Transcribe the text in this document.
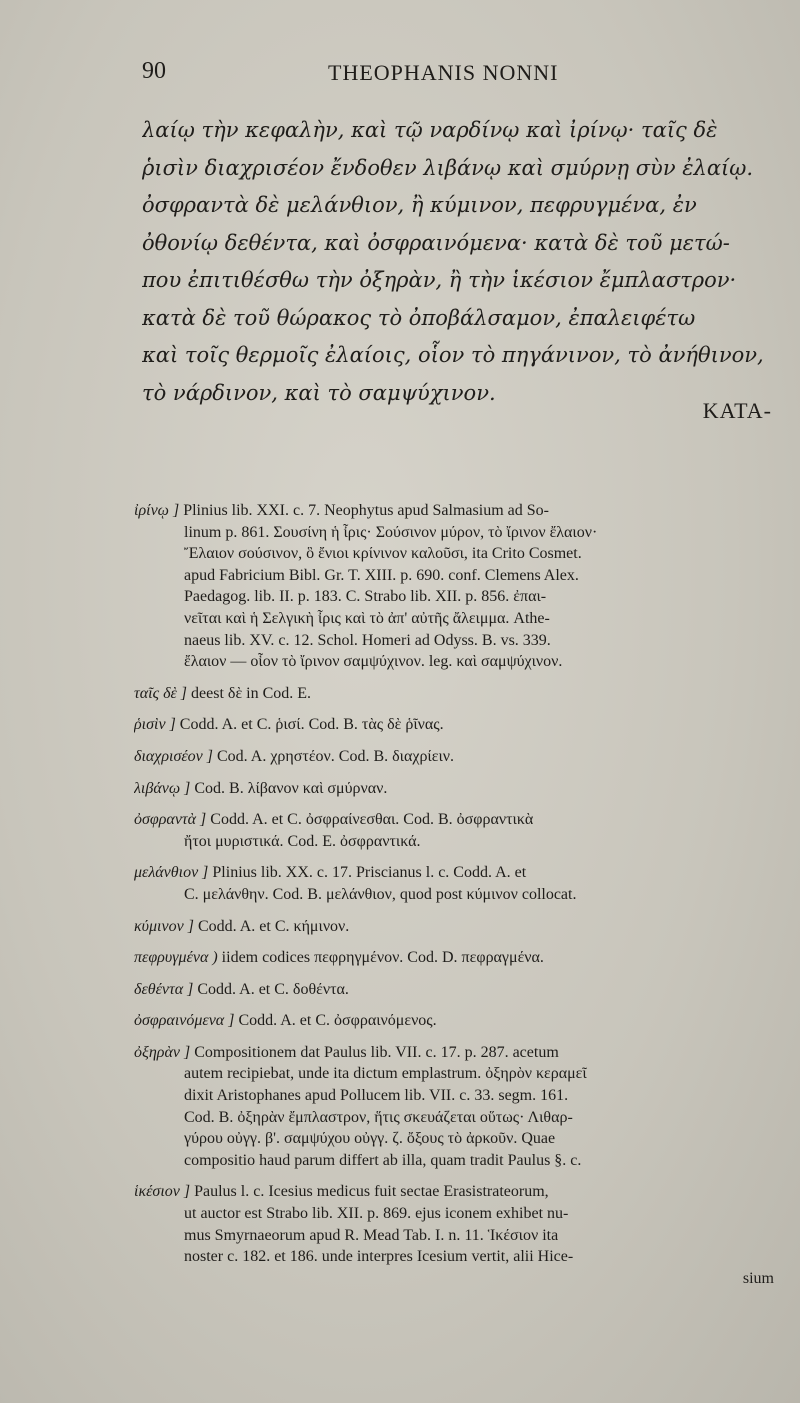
90	THEOPHANIS NONNI
λαίῳ τὴν κεφαλὴν, καὶ τῷ ναρδίνῳ καὶ ἰρίνῳ· ταῖς δὲ
ῥισὶν διαχρισέον ἔνδοθεν λιβάνῳ καὶ σμύρνῃ σὺν ἐλαίῳ.
ὀσφραντὰ δὲ μελάνθιον, ἢ κύμινον, πεφρυγμένα, ἐν
ὀθονίῳ δεθέντα, καὶ ὀσφραινόμενα· κατὰ δὲ τοῦ μετώ-
που ἐπιτιθέσθω τὴν ὀξηρὰν, ἢ τὴν ἱκέσιον ἔμπλαστρον·
κατὰ δὲ τοῦ θώρακος τὸ ὀποβάλσαμον, ἐπαλειφέτω
καὶ τοῖς θερμοῖς ἐλαίοις, οἷον τὸ πηγάνινον, τὸ ἀνήθινον,
τὸ νάρδινον, καὶ τὸ σαμψύχινον.
KATA-
ἰρίνῳ ] Plinius lib. XXI. c. 7. Neophytus apud Salmasium ad So-
linum p. 861. Σουσίνη ἡ ἶρις· Σούσινον μύρον, τὸ ἴρινον ἔλαιον·
Ἔλαιον σούσινον, ὃ ἔνιοι κρίνινον καλοῦσι, ita Crito Cosmet.
apud Fabricium Bibl. Gr. T. XIII. p. 690. conf. Clemens Alex.
Paedagog. lib. II. p. 183. C. Strabo lib. XII. p. 856. ἐπαι-
νεῖται καὶ ἡ Σελγικὴ ἶρις καὶ τὸ ἀπ' αὐτῆς ἄλειμμα. Athe-
naeus lib. XV. c. 12. Schol. Homeri ad Odyss. B. vs. 339.
ἔλαιον — οἷον τὸ ἴρινον σαμψύχινον. leg. καὶ σαμψύχινον.
ταῖς δὲ ] deest δὲ in Cod. E.
ῥισὶν ] Codd. A. et C. ῥισί. Cod. B. τὰς δὲ ῥῖνας.
διαχρισέον ] Cod. A. χρηστέον. Cod. B. διαχρίειν.
λιβάνῳ ] Cod. B. λίβανον καὶ σμύρναν.
ὀσφραντὰ ] Codd. A. et C. ὀσφραίνεσθαι. Cod. B. ὀσφραντικὰ
ἤτοι μυριστικά. Cod. E. ὀσφραντικά.
μελάνθιον ] Plinius lib. XX. c. 17. Priscianus l. c. Codd. A. et
C. μελάνθην. Cod. B. μελάνθιον, quod post κύμινον collocat.
κύμινον ] Codd. A. et C. κήμινον.
πεφρυγμένα ) iidem codices πεφρηγμένον. Cod. D. πεφραγμένα.
δεθέντα ] Codd. A. et C. δοθέντα.
ὀσφραινόμενα ] Codd. A. et C. ὀσφραινόμενος.
ὀξηρὰν ] Compositionem dat Paulus lib. VII. c. 17. p. 287. acetum
autem recipiebat, unde ita dictum emplastrum. ὀξηρὸν κεραμεῖ
dixit Aristophanes apud Pollucem lib. VII. c. 33. segm. 161.
Cod. B. ὀξηρὰν ἔμπλαστρον, ἥτις σκευάζεται οὕτως· Λιθαρ-
γύρου οὐγγ. β'. σαμψύχου οὐγγ. ζ. ὄξους τὸ ἀρκοῦν. Quae
compositio haud parum differt ab illa, quam tradit Paulus §. c.
ἱκέσιον ] Paulus l. c. Icesius medicus fuit sectae Erasistrateorum,
ut auctor est Strabo lib. XII. p. 869. ejus iconem exhibet nu-
mus Smyrnaeorum apud R. Mead Tab. I. n. 11. Ἱκέσιον ita
noster c. 182. et 186. unde interpres Icesium vertit, alii Hice-
sium
